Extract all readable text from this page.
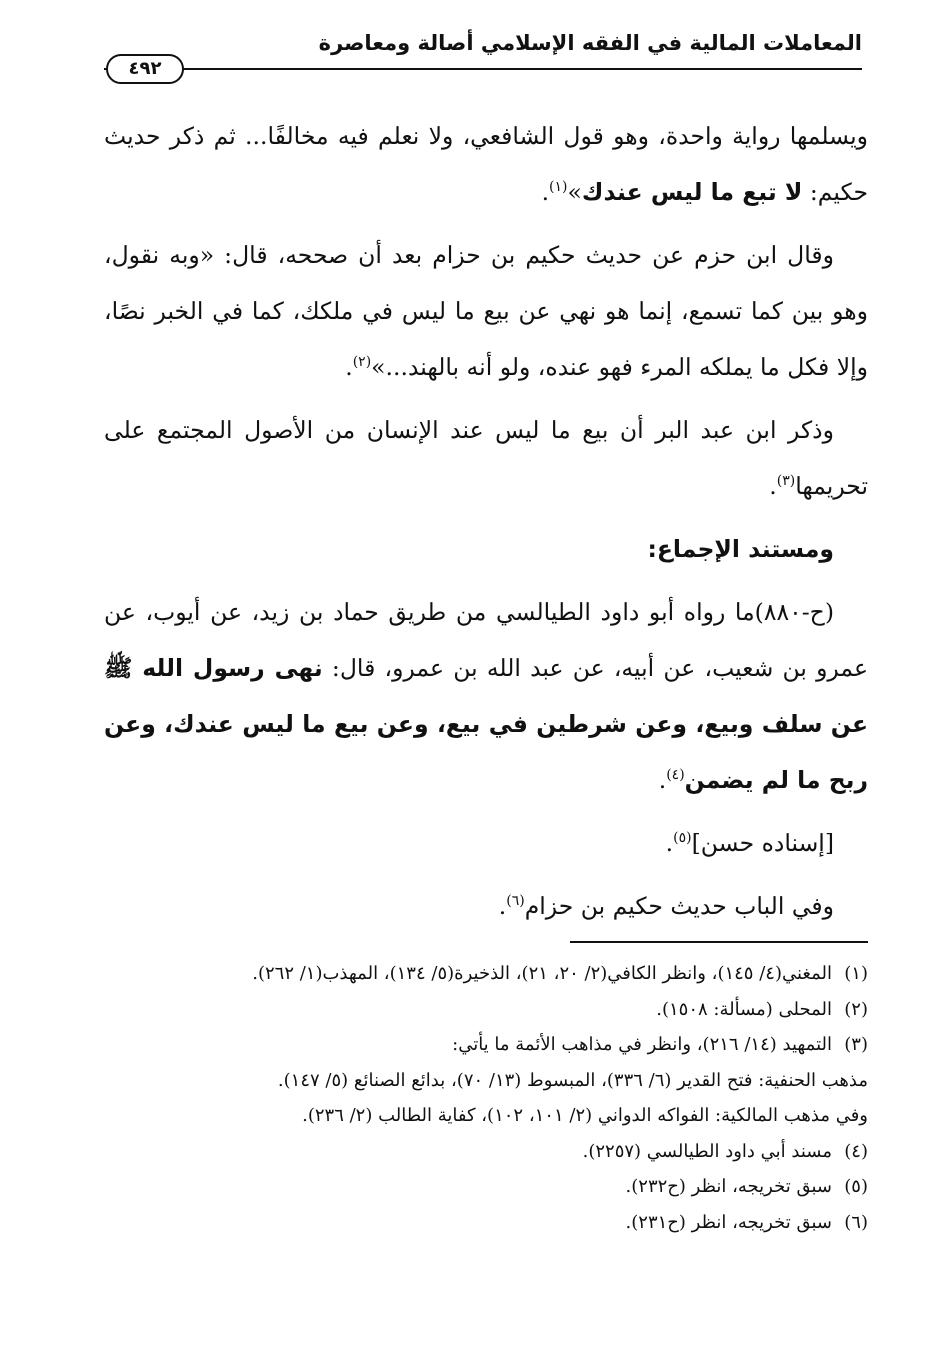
المعاملات المالية في الفقه الإسلامي أصالة ومعاصرة
٤٩٢

ويسلمها رواية واحدة، وهو قول الشافعي، ولا نعلم فيه مخالفًا... ثم ذكر حديث حكيم: لا تبع ما ليس عندك»$^{(١)}$.

وقال ابن حزم عن حديث حكيم بن حزام بعد أن صححه، قال: «وبه نقول، وهو بين كما تسمع، إنما هو نهي عن بيع ما ليس في ملكك، كما في الخبر نصًا، وإلا فكل ما يملكه المرء فهو عنده، ولو أنه بالهند...»$^{(٢)}$.

وذكر ابن عبد البر أن بيع ما ليس عند الإنسان من الأصول المجتمع على تحريمها$^{(٣)}$.

ومستند الإجماع:

(ح-٨٨٠)ما رواه أبو داود الطيالسي من طريق حماد بن زيد، عن أيوب، عن عمرو بن شعيب، عن أبيه، عن عبد الله بن عمرو، قال: نهى رسول الله ﷺ عن سلف وبيع، وعن شرطين في بيع، وعن بيع ما ليس عندك، وعن ربح ما لم يضمن$^{(٤)}$.

[إسناده حسن]$^{(٥)}$.

وفي الباب حديث حكيم بن حزام$^{(٦)}$.

(١)المغني(٤/ ١٤٥)، وانظر الكافي(٢/ ٢٠، ٢١)، الذخيرة(٥/ ١٣٤)، المهذب(١/ ٢٦٢).
(٢)المحلى (مسألة: ١٥٠٨).
(٣)التمهيد (١٤/ ٢١٦)، وانظر في مذاهب الأئمة ما يأتي:
مذهب الحنفية: فتح القدير (٦/ ٣٣٦)، المبسوط (١٣/ ٧٠)، بدائع الصنائع (٥/ ١٤٧).
وفي مذهب المالكية: الفواكه الدواني (٢/ ١٠١، ١٠٢)، كفاية الطالب (٢/ ٢٣٦).
(٤)مسند أبي داود الطيالسي (٢٢٥٧).
(٥)سبق تخريجه، انظر (ح٢٣٢).
(٦)سبق تخريجه، انظر (ح٢٣١).
